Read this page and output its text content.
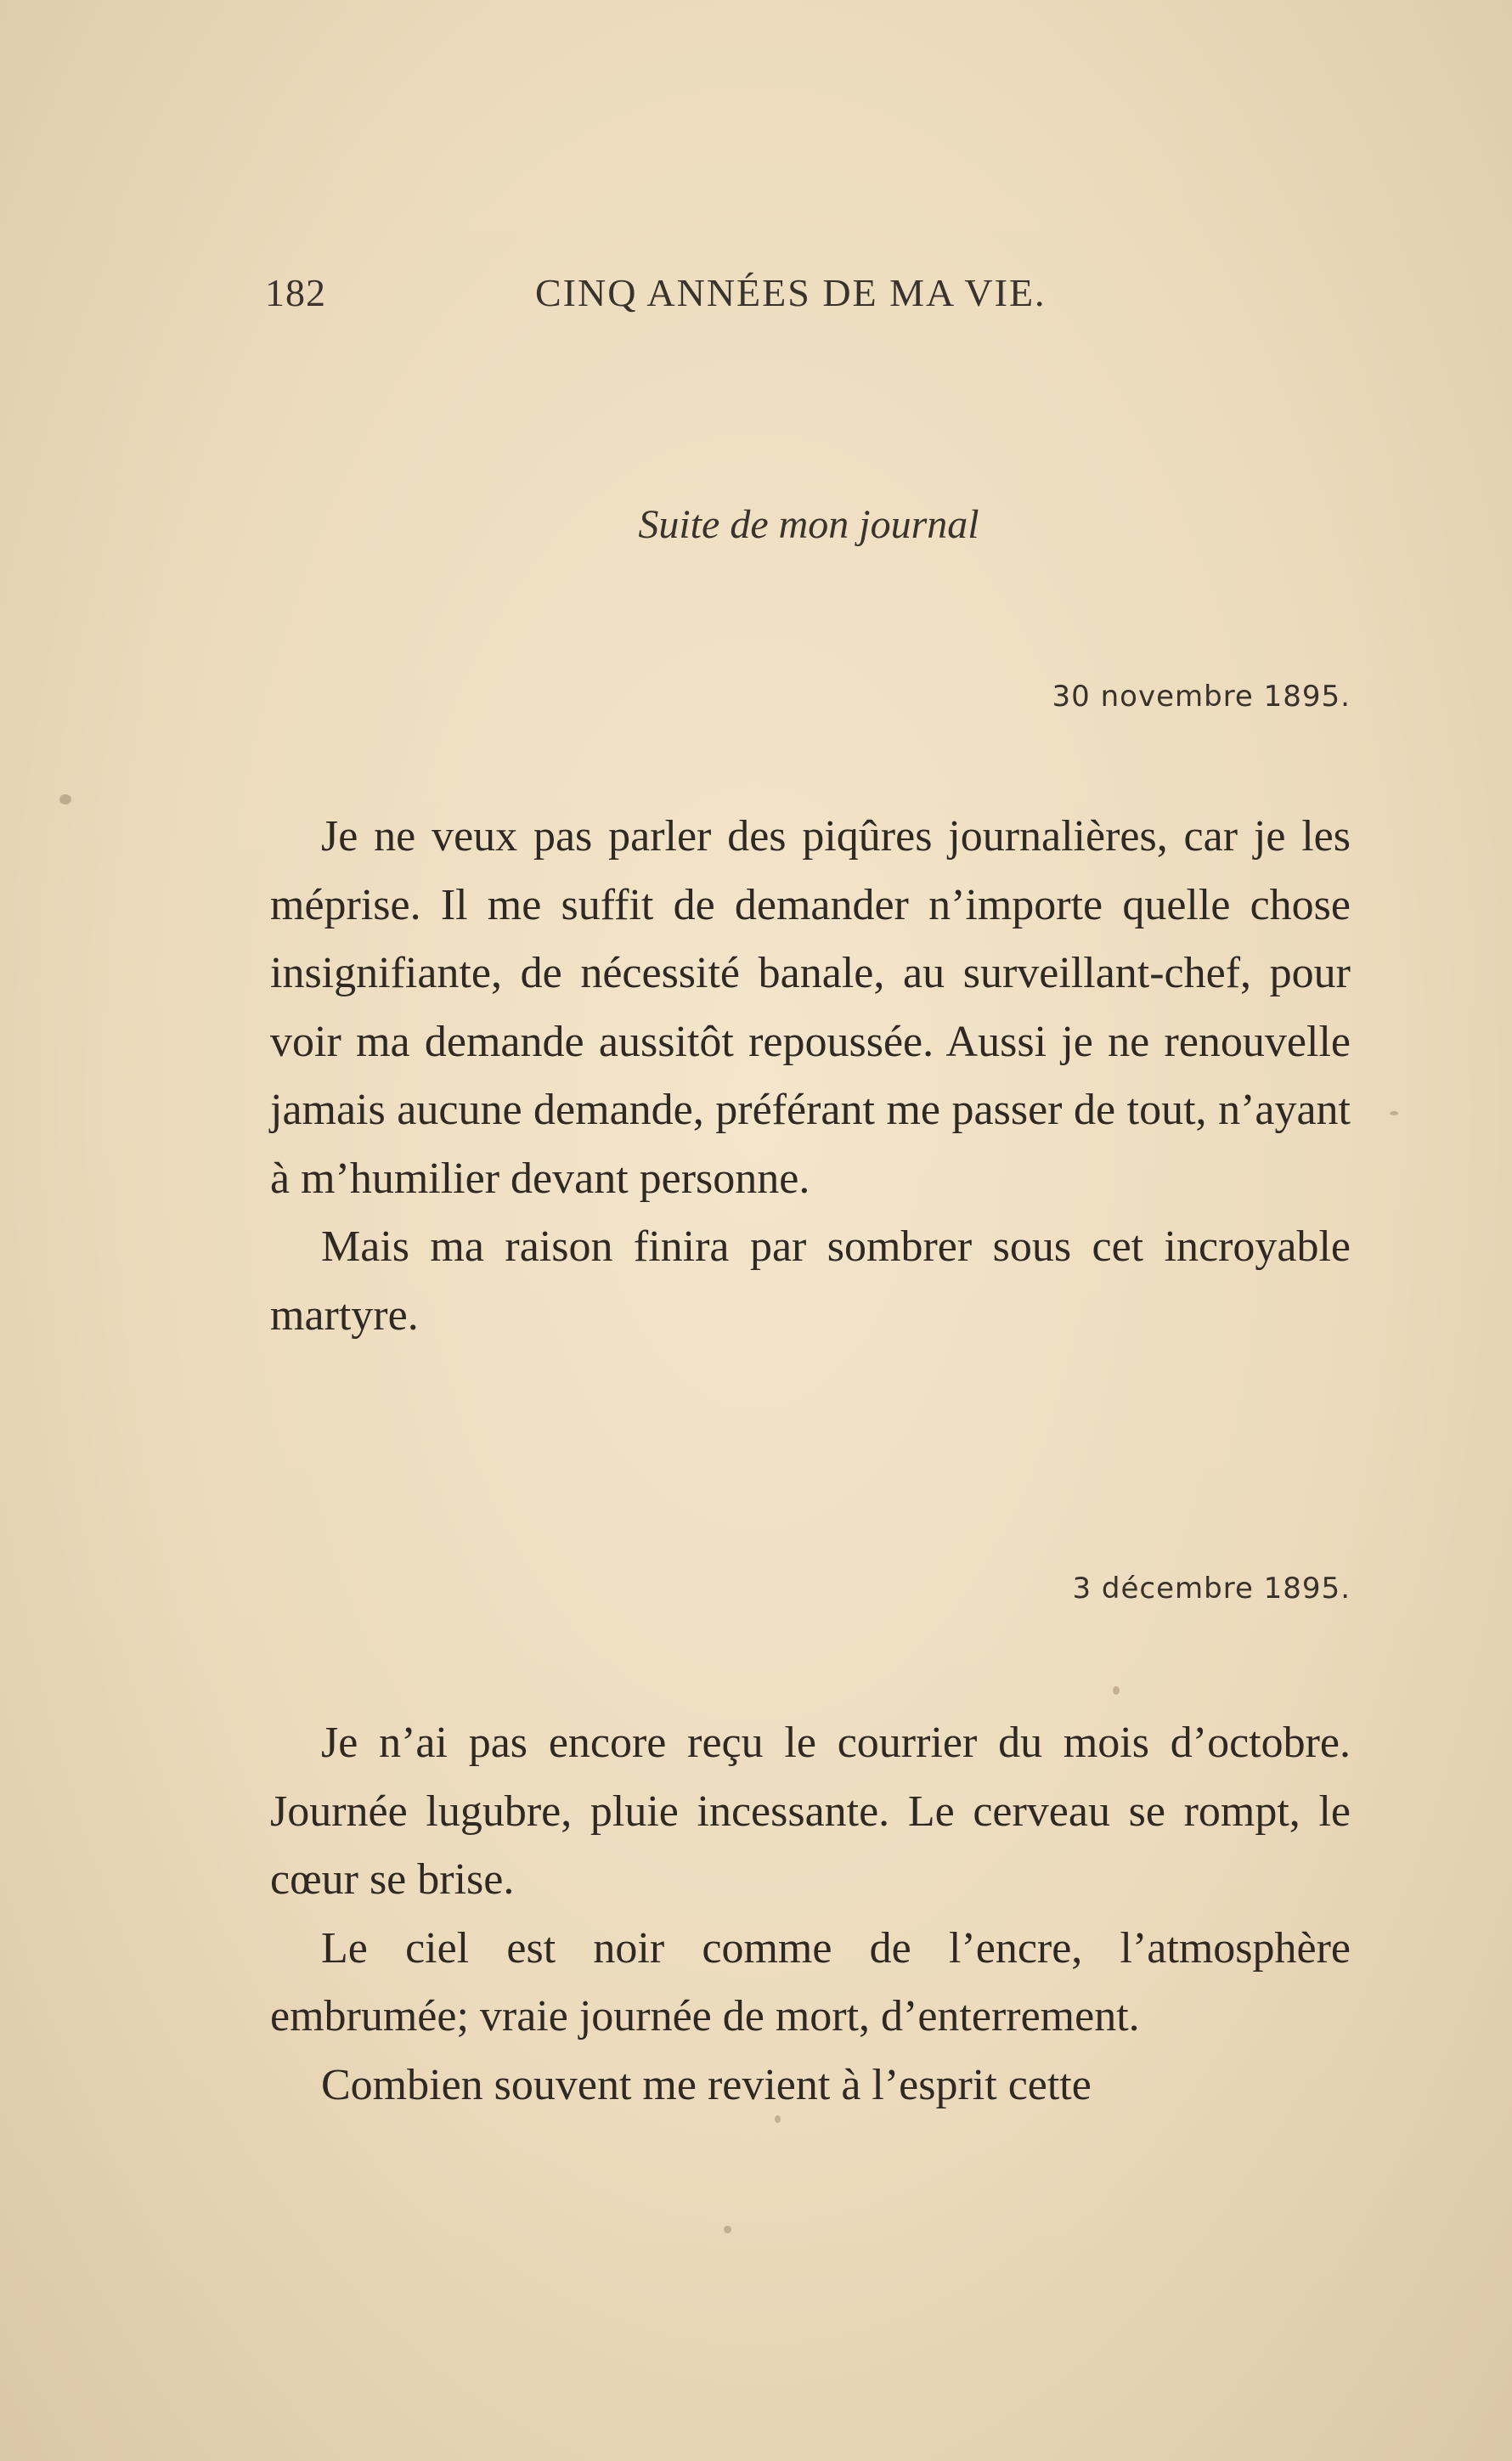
182	CINQ ANNÉES DE MA VIE.
Suite de mon journal
30 novembre 1895.

Je ne veux pas parler des piqûres journalières, car je les méprise. Il me suffit de demander n’importe quelle chose insignifiante, de nécessité banale, au surveillant-chef, pour voir ma demande aussitôt repoussée. Aussi je ne renouvelle jamais aucune demande, préférant me passer de tout, n’ayant à m’humilier devant personne.

Mais ma raison finira par sombrer sous cet incroyable martyre.

3 décembre 1895.

Je n’ai pas encore reçu le courrier du mois d’octobre. Journée lugubre, pluie incessante. Le cerveau se rompt, le cœur se brise.

Le ciel est noir comme de l’encre, l’atmosphère embrumée; vraie journée de mort, d’enterrement.

Combien souvent me revient à l’esprit cette
